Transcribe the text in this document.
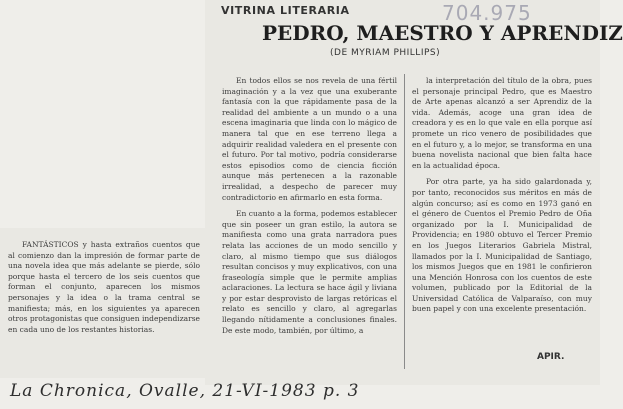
VITRINA LITERARIA	704.975
PEDRO, MAESTRO Y APRENDIZ
(DE MYRIAM PHILLIPS)

En todos ellos se nos revela de una fértil imaginación y a la vez que una exuberante fantasía con la que rápidamente pasa de la realidad del ambiente a un mundo o a una escena imaginaria que linda con lo mágico de manera tal que en ese terreno llega a adquirir realidad valedera en el presente con el futuro. Por tal motivo, podría considerarse estos episodios como de ciencia ficción aunque más pertenecen a la razonable irrealidad, a despecho de parecer muy contradictorio en afirmarlo en esta forma.

En cuanto a la forma, podemos establecer que sin poseer un gran estilo, la autora se manifiesta como una grata narradora pues relata las acciones de un modo sencillo y claro, al mismo tiempo que sus diálogos resultan concisos y muy explicativos, con una fraseología simple que le permite amplias aclaraciones. La lectura se hace ágil y liviana y por estar desprovisto de largas retóricas el relato es sencillo y claro, al agregarlas llegando nítidamente a conclusiones finales. De este modo, también, por último, a

la interpretación del título de la obra, pues el personaje principal Pedro, que es Maestro de Arte apenas alcanzó a ser Aprendiz de la vida. Además, acoge una gran idea de creadora y es en lo que vale en ella porque así promete un rico venero de posibilidades que en el futuro y, a lo mejor, se transforma en una buena novelista nacional que bien falta hace en la actualidad época.

Por otra parte, ya ha sido galardonada y, por tanto, reconocidos sus méritos en más de algún concurso; así es como en 1973 ganó en el género de Cuentos el Premio Pedro de Oña organizado por la I. Municipalidad de Providencia; en 1980 obtuvo el Tercer Premio en los Juegos Literarios Gabriela Mistral, llamados por la I. Municipalidad de Santiago, los mismos Juegos que en 1981 le confirieron una Mención Honrosa con los cuentos de este volumen, publicado por la Editorial de la Universidad Católica de Valparaíso, con muy buen papel y con una excelente presentación.

FANTÁSTICOS y hasta extraños cuentos que al comienzo dan la impresión de formar parte de una novela idea que más adelante se pierde, sólo porque hasta el tercero de los seis cuentos que forman el conjunto, aparecen los mismos personajes y la idea o la trama central se manifiesta; más, en los siguientes ya aparecen otros protagonistas que consiguen independizarse en cada uno de los restantes historias.

APIR.
La Chronica, Ovalle, 21-VI-1983 p. 3
